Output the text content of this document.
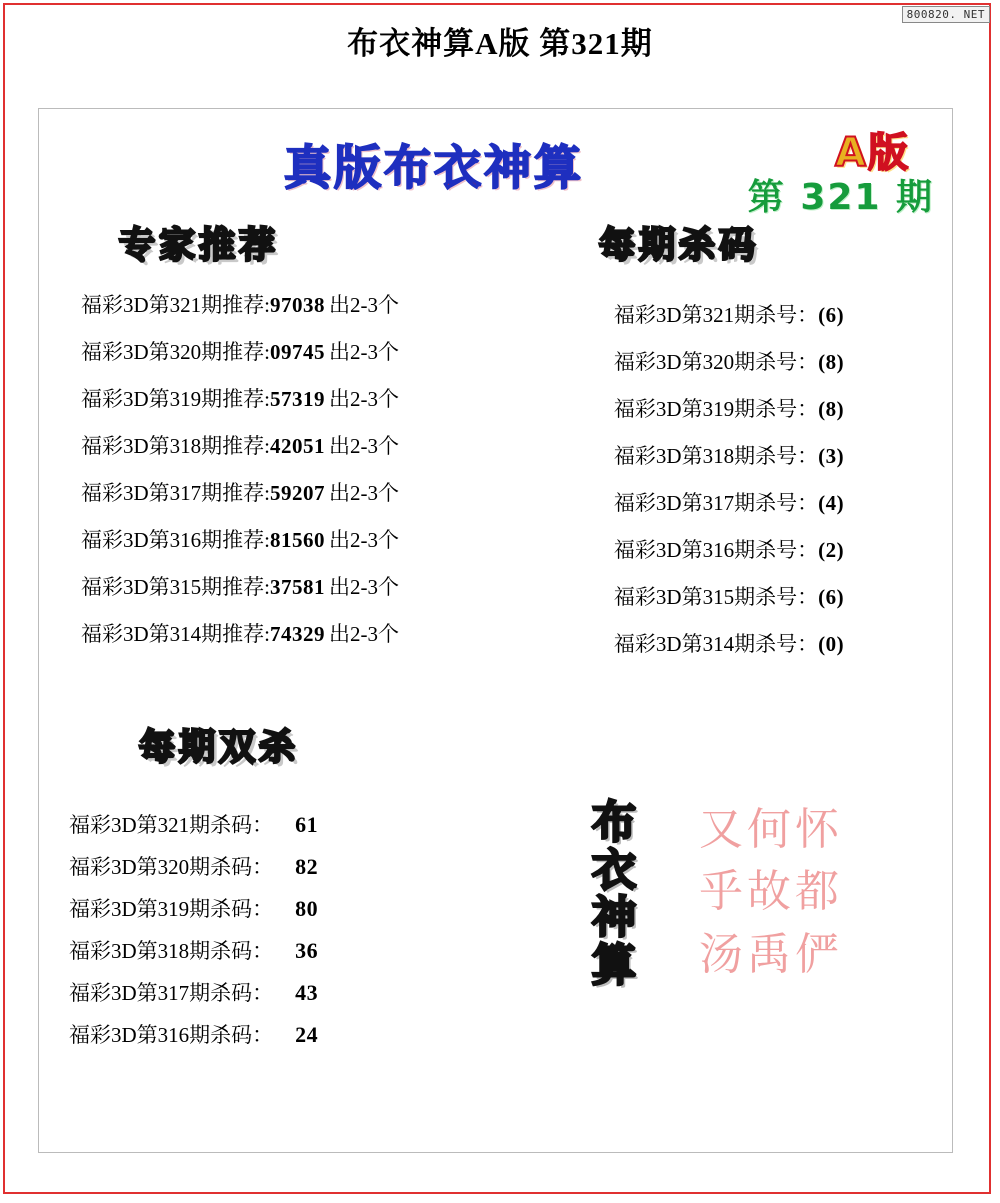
800820. NET
布衣神算A版 第321期
真版布衣神算	A版
第 321 期
专家推荐	每期杀码
每期双杀
福彩3D第321期推荐: 97038 出2-3个
福彩3D第320期推荐: 09745 出2-3个
福彩3D第319期推荐: 57319 出2-3个
福彩3D第318期推荐: 42051 出2-3个
福彩3D第317期推荐: 59207 出2-3个
福彩3D第316期推荐: 81560 出2-3个
福彩3D第315期推荐: 37581 出2-3个
福彩3D第314期推荐: 74329 出2-3个
福彩3D第321期杀号： (6)
福彩3D第320期杀号： (8)
福彩3D第319期杀号： (8)
福彩3D第318期杀号： (3)
福彩3D第317期杀号： (4)
福彩3D第316期杀号： (2)
福彩3D第315期杀号： (6)
福彩3D第314期杀号： (0)
福彩3D第321期杀码： 61
福彩3D第320期杀码： 82
福彩3D第319期杀码： 80
福彩3D第318期杀码： 36
福彩3D第317期杀码： 43
福彩3D第316期杀码： 24
布
衣
神
算
又何怀
乎故都
汤禹俨
